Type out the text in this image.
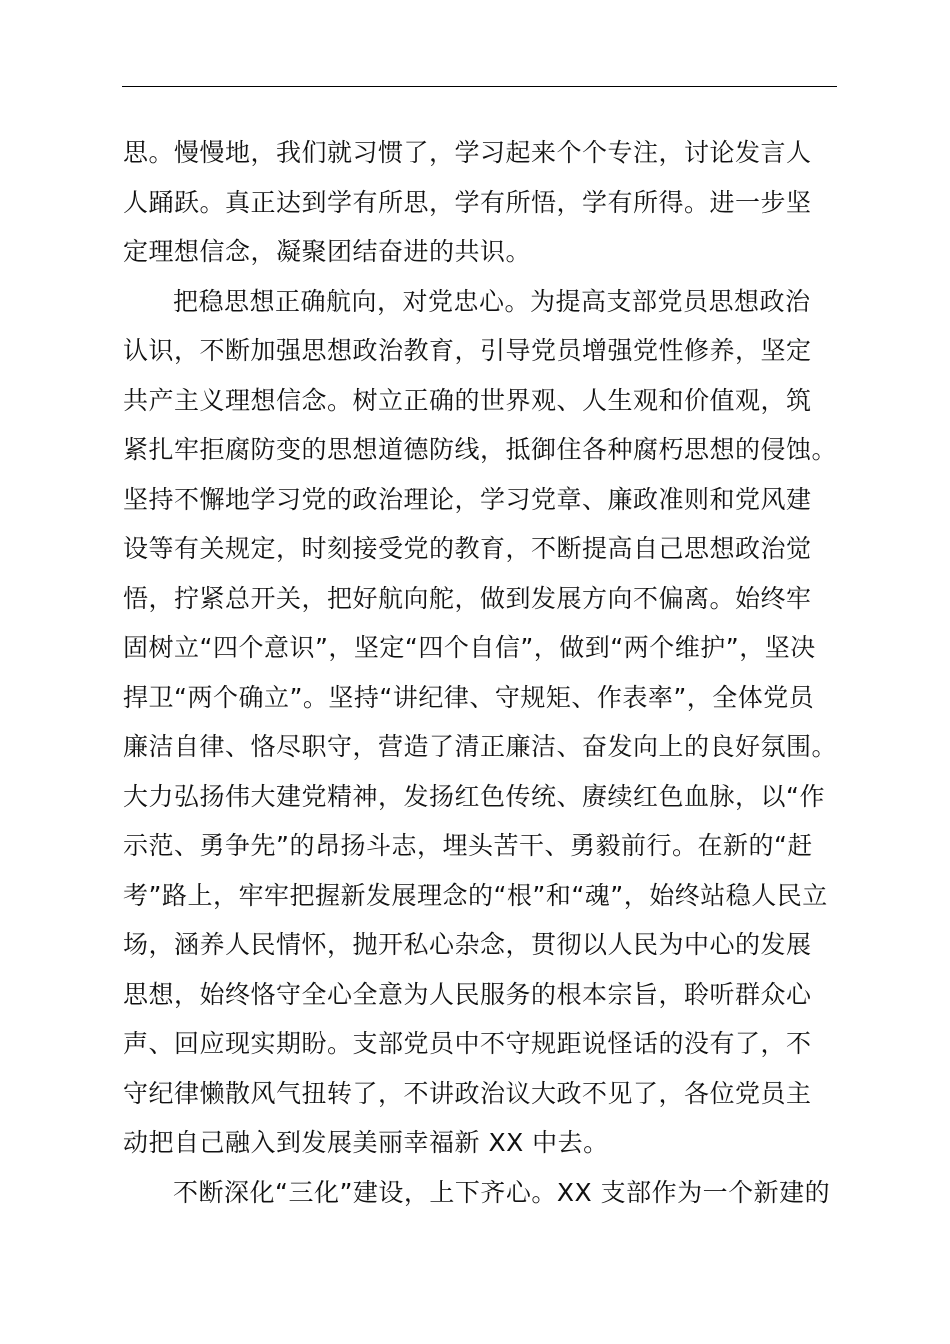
思。慢慢地，我们就习惯了，学习起来个个专注，讨论发言人
人踊跃。真正达到学有所思，学有所悟，学有所得。进一步坚
定理想信念，凝聚团结奋进的共识。
把稳思想正确航向，对党忠心。为提高支部党员思想政治
认识，不断加强思想政治教育，引导党员增强党性修养，坚定
共产主义理想信念。树立正确的世界观、人生观和价值观，筑
紧扎牢拒腐防变的思想道德防线，抵御住各种腐朽思想的侵蚀。
坚持不懈地学习党的政治理论，学习党章、廉政准则和党风建
设等有关规定，时刻接受党的教育，不断提高自己思想政治觉
悟，拧紧总开关，把好航向舵，做到发展方向不偏离。始终牢
固树立“四个意识”，坚定“四个自信”，做到“两个维护”，坚决
捍卫“两个确立”。坚持“讲纪律、守规矩、作表率”，全体党员
廉洁自律、恪尽职守，营造了清正廉洁、奋发向上的良好氛围。
大力弘扬伟大建党精神，发扬红色传统、赓续红色血脉，以“作
示范、勇争先”的昂扬斗志，埋头苦干、勇毅前行。在新的“赶
考”路上，牢牢把握新发展理念的“根”和“魂”，始终站稳人民立
场，涵养人民情怀，抛开私心杂念，贯彻以人民为中心的发展
思想，始终恪守全心全意为人民服务的根本宗旨，聆听群众心
声、回应现实期盼。支部党员中不守规距说怪话的没有了，不
守纪律懒散风气扭转了，不讲政治议大政不见了，各位党员主
动把自己融入到发展美丽幸福新 XX 中去。
不断深化“三化”建设，上下齐心。XX 支部作为一个新建的
